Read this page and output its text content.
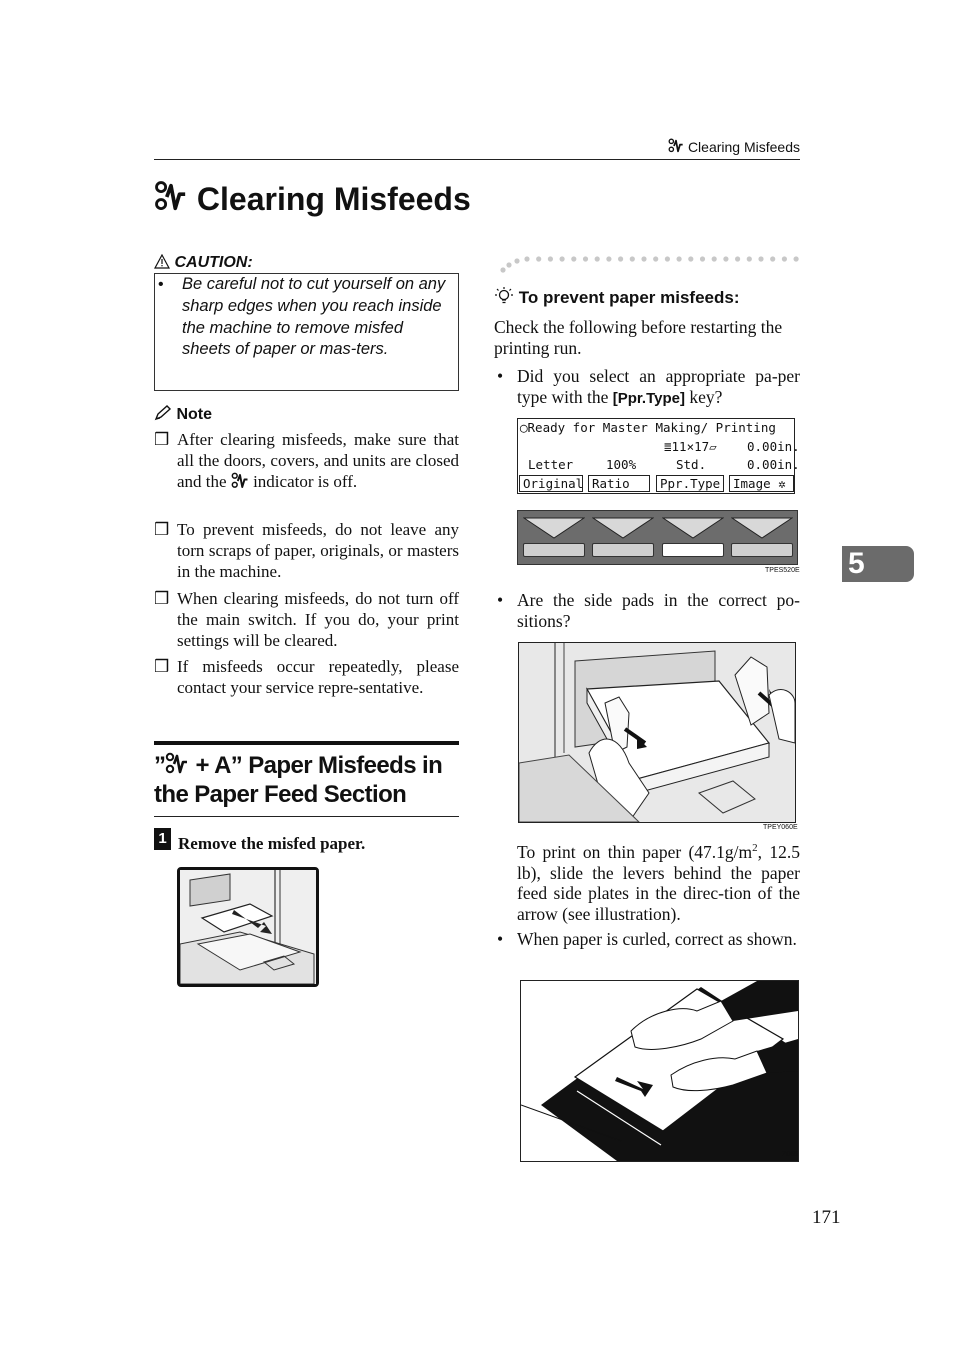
Clearing Misfeeds
Clearing Misfeeds
5
CAUTION:
• Be careful not to cut yourself on any sharp edges when you reach inside the machine to remove misfed sheets of paper or mas-ters.
Note
❒ After clearing misfeeds, make sure that all the doors, covers, and units are closed and the indicator is off.
❒ To prevent misfeeds, do not leave any torn scraps of paper, originals, or masters in the machine.
❒ When clearing misfeeds, do not turn off the main switch. If you do, your print settings will be cleared.
❒ If misfeeds occur repeatedly, please contact your service repre-sentative.
” + A” Paper Misfeeds in the Paper Feed Section
1 Remove the misfed paper.
To prevent paper misfeeds:
Check the following before restarting the printing run.
• Did you select an appropriate pa-per type with the [Ppr.Type] key?
◯Ready for Master Making/ Printing
≣11×17▱ 0.00in.
Letter	100%	Std.	0.00in.
Original Ratio	Ppr.Type	Image ✲
TPES520E
• Are the side pads in the correct po-sitions?
TPEY060E
To print on thin paper ($47.1g/m^2$, 12.5 lb), slide the levers behind the paper feed side plates in the direc-tion of the arrow (see illustration).
• When paper is curled, correct as shown.
Z066
171
